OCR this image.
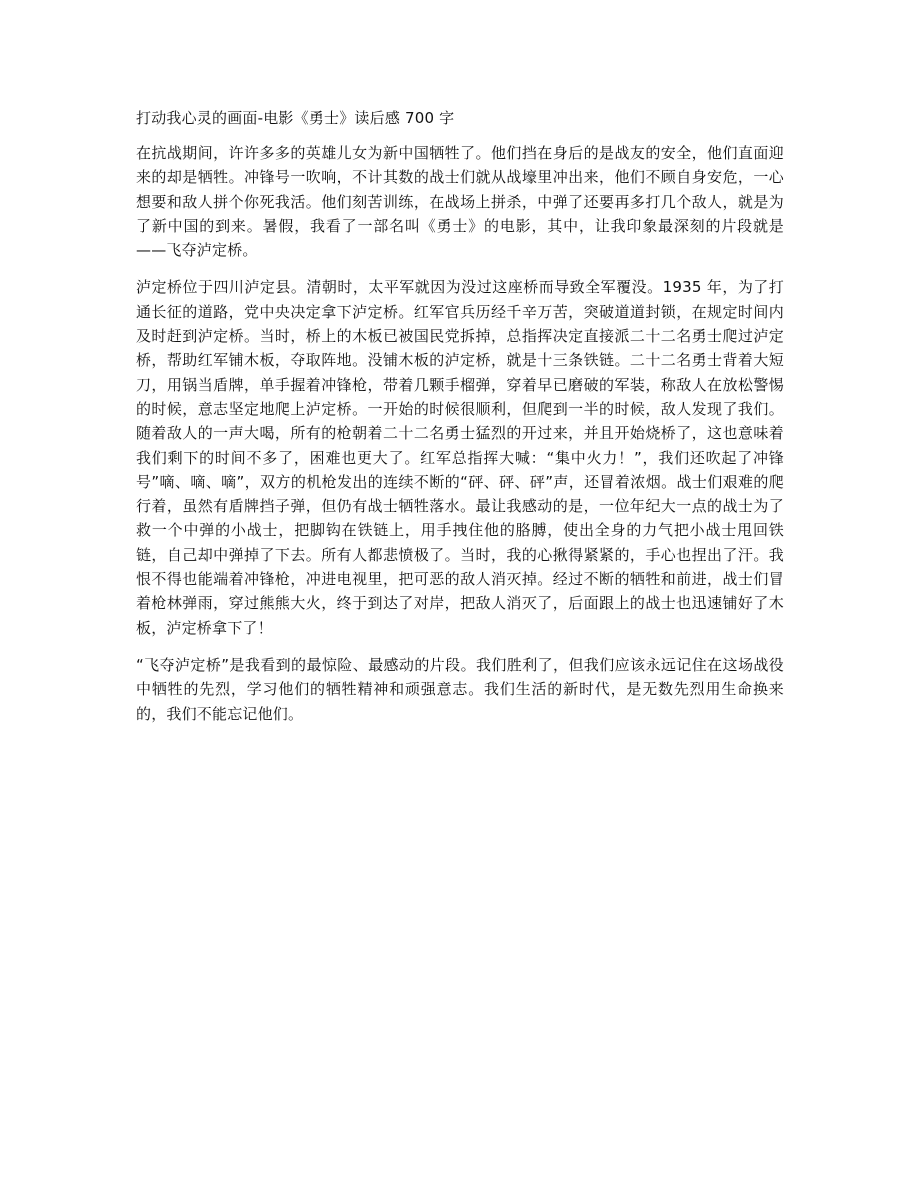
打动我心灵的画面-电影《勇士》读后感 700 字

在抗战期间，许许多多的英雄儿女为新中国牺牲了。他们挡在身后的是战友的安全，他们直面迎来的却是牺牲。冲锋号一吹响，不计其数的战士们就从战壕里冲出来，他们不顾自身安危，一心想要和敌人拼个你死我活。他们刻苦训练，在战场上拼杀，中弹了还要再多打几个敌人，就是为了新中国的到来。暑假，我看了一部名叫《勇士》的电影，其中，让我印象最深刻的片段就是——飞夺泸定桥。

泸定桥位于四川泸定县。清朝时，太平军就因为没过这座桥而导致全军覆没。1935 年，为了打通长征的道路，党中央决定拿下泸定桥。红军官兵历经千辛万苦，突破道道封锁，在规定时间内及时赶到泸定桥。当时，桥上的木板已被国民党拆掉，总指挥决定直接派二十二名勇士爬过泸定桥，帮助红军铺木板，夺取阵地。没铺木板的泸定桥，就是十三条铁链。二十二名勇士背着大短刀，用锅当盾牌，单手握着冲锋枪，带着几颗手榴弹，穿着早已磨破的军装，称敌人在放松警惕的时候，意志坚定地爬上泸定桥。一开始的时候很顺利，但爬到一半的时候，敌人发现了我们。随着敌人的一声大喝，所有的枪朝着二十二名勇士猛烈的开过来，并且开始烧桥了，这也意味着我们剩下的时间不多了，困难也更大了。红军总指挥大喊：“集中火力！”，我们还吹起了冲锋号”嘀、嘀、嘀”，双方的机枪发出的连续不断的“砰、砰、砰”声，还冒着浓烟。战士们艰难的爬行着，虽然有盾牌挡子弹，但仍有战士牺牲落水。最让我感动的是，一位年纪大一点的战士为了救一个中弹的小战士，把脚钩在铁链上，用手拽住他的胳膊，使出全身的力气把小战士甩回铁链，自己却中弹掉了下去。所有人都悲愤极了。当时，我的心揪得紧紧的，手心也捏出了汗。我恨不得也能端着冲锋枪，冲进电视里，把可恶的敌人消灭掉。经过不断的牺牲和前进，战士们冒着枪林弹雨，穿过熊熊大火，终于到达了对岸，把敌人消灭了，后面跟上的战士也迅速铺好了木板，泸定桥拿下了！

“飞夺泸定桥”是我看到的最惊险、最感动的片段。我们胜利了，但我们应该永远记住在这场战役中牺牲的先烈，学习他们的牺牲精神和顽强意志。我们生活的新时代，是无数先烈用生命换来的，我们不能忘记他们。
